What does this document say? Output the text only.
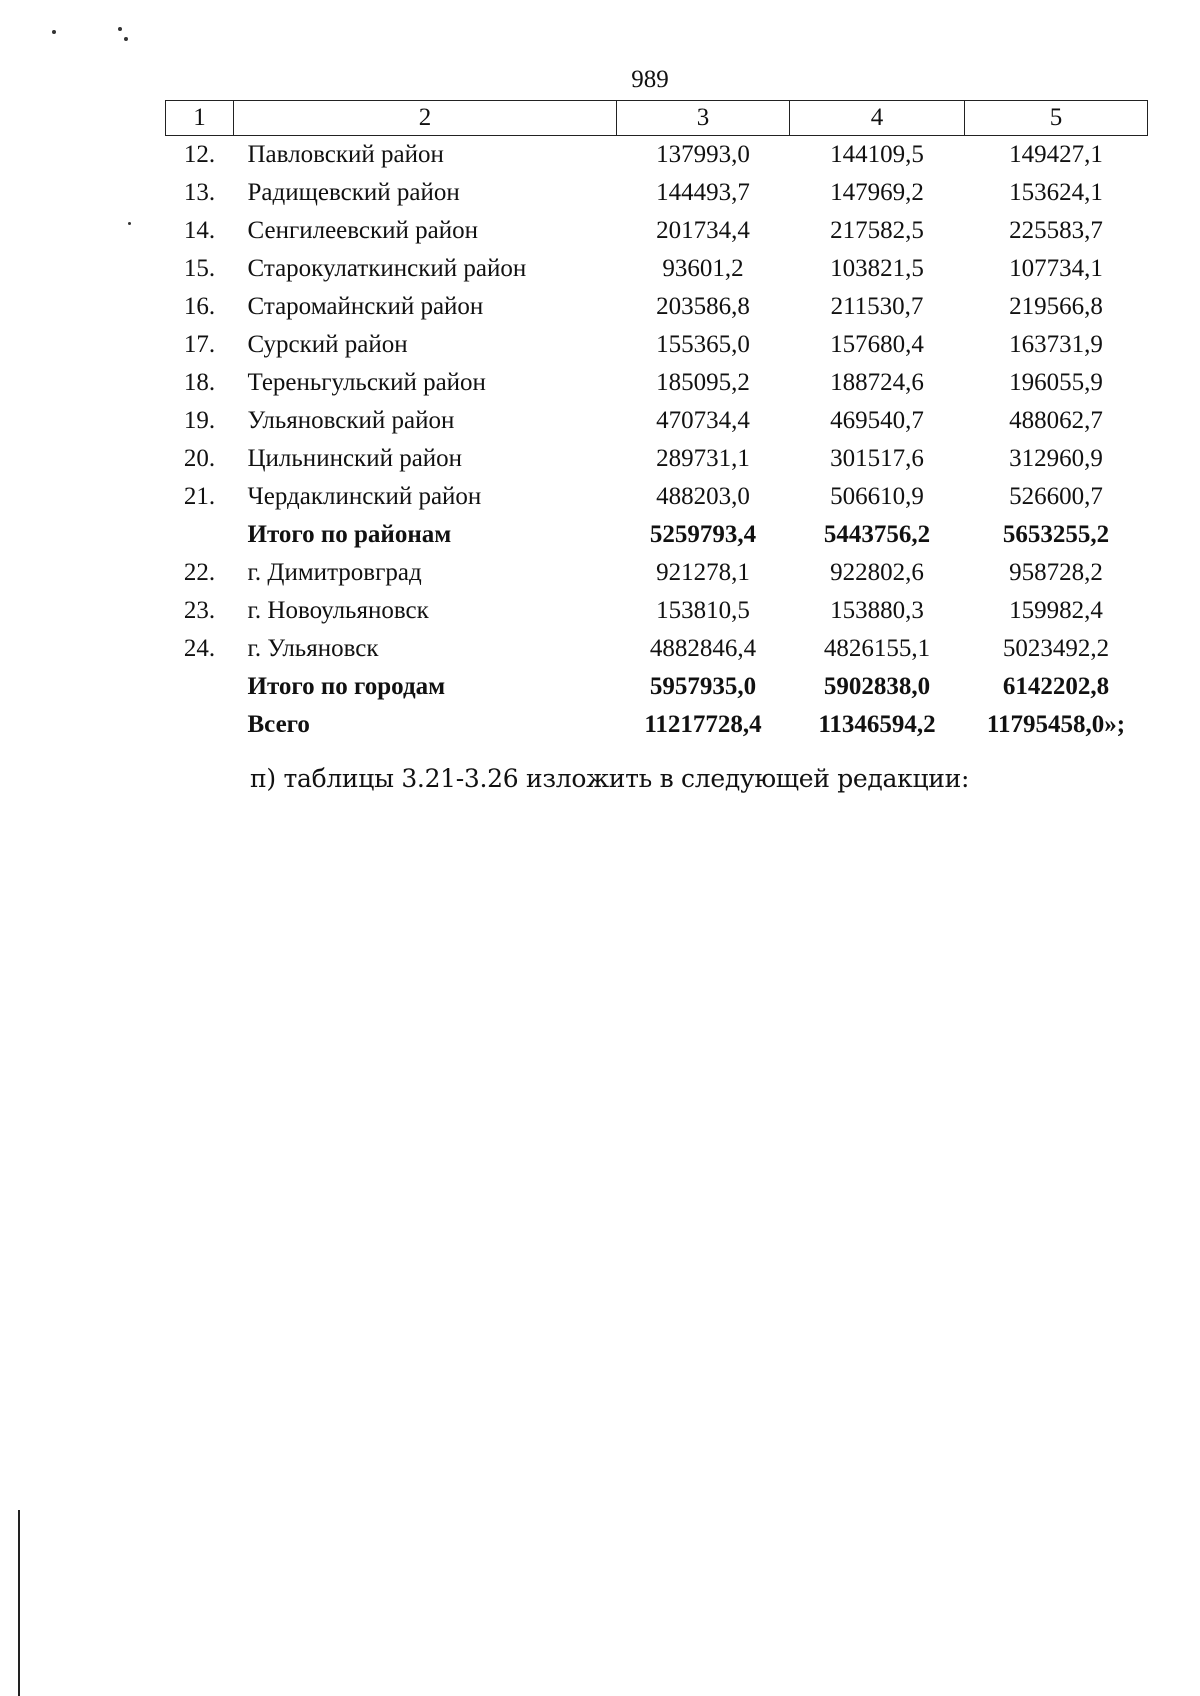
989
1	2	3	4	5
12.	Павловский район	137993,0	144109,5	149427,1
13.	Радищевский район	144493,7	147969,2	153624,1
14.	Сенгилеевский район	201734,4	217582,5	225583,7
15.	Старокулаткинский район	93601,2	103821,5	107734,1
16.	Старомайнский район	203586,8	211530,7	219566,8
17.	Сурский район	155365,0	157680,4	163731,9
18.	Тереньгульский район	185095,2	188724,6	196055,9
19.	Ульяновский район	470734,4	469540,7	488062,7
20.	Цильнинский район	289731,1	301517,6	312960,9
21.	Чердаклинский район	488203,0	506610,9	526600,7
	Итого по районам	5259793,4	5443756,2	5653255,2
22.	г. Димитровград	921278,1	922802,6	958728,2
23.	г. Новоульяновск	153810,5	153880,3	159982,4
24.	г. Ульяновск	4882846,4	4826155,1	5023492,2
	Итого по городам	5957935,0	5902838,0	6142202,8
	Всего	11217728,4	11346594,2	11795458,0»;
п) таблицы 3.21-3.26 изложить в следующей редакции:
